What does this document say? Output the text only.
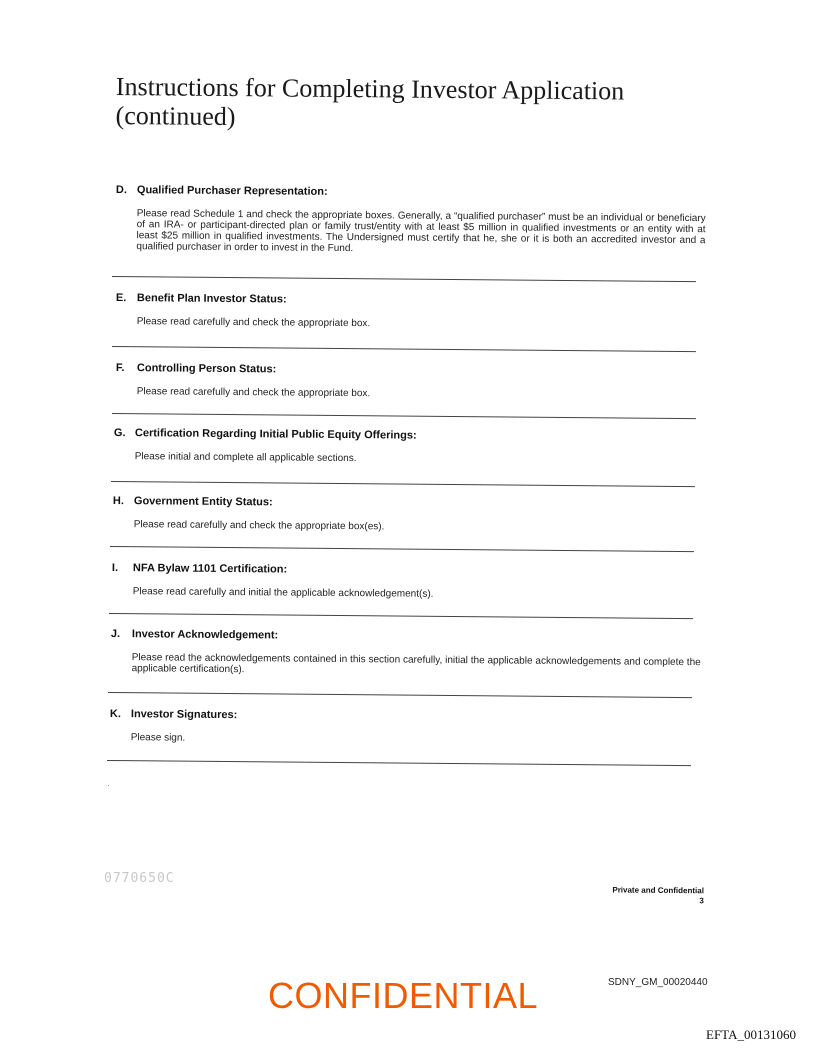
Instructions for Completing Investor Application
(continued)

D. Qualified Purchaser Representation:

Please read Schedule 1 and check the appropriate boxes. Generally, a “qualified purchaser” must be an individual or beneficiary of an IRA- or participant-directed plan or family trust/entity with at least $5 million in qualified investments or an entity with at least $25 million in qualified investments. The Undersigned must certify that he, she or it is both an accredited investor and a qualified purchaser in order to invest in the Fund.

E. Benefit Plan Investor Status:

Please read carefully and check the appropriate box.

F. Controlling Person Status:

Please read carefully and check the appropriate box.

G. Certification Regarding Initial Public Equity Offerings:

Please initial and complete all applicable sections.

H. Government Entity Status:

Please read carefully and check the appropriate box(es).

I. NFA Bylaw 1101 Certification:

Please read carefully and initial the applicable acknowledgement(s).

J. Investor Acknowledgement:

Please read the acknowledgements contained in this section carefully, initial the applicable acknowledgements and complete the applicable certification(s).

K. Investor Signatures:

Please sign.

·
0770650C
Private and Confidential
3
CONFIDENTIAL	SDNY_GM_00020440
EFTA_00131060
